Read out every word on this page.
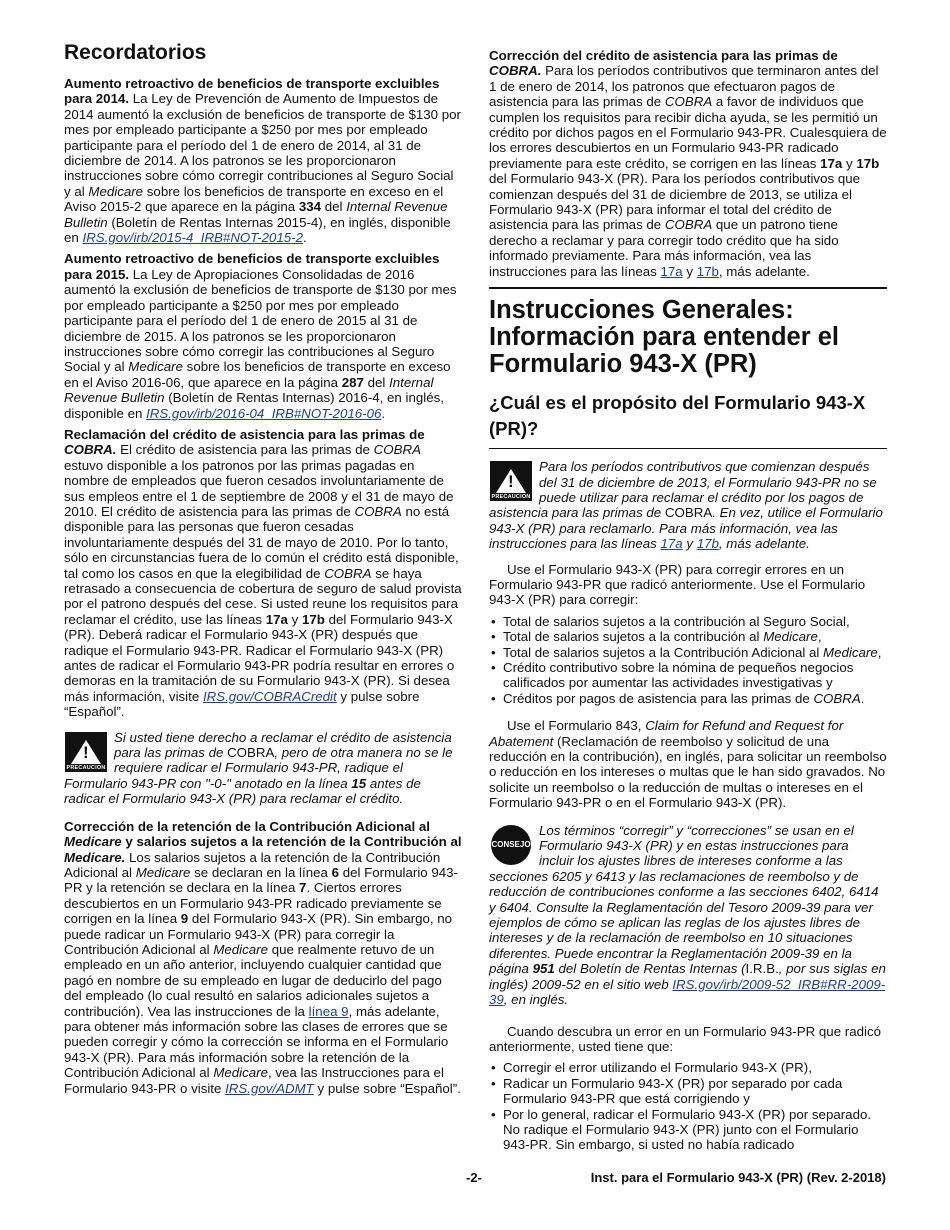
Recordatorios

Aumento retroactivo de beneficios de transporte excluibles para 2014. La Ley de Prevención de Aumento de Impuestos de 2014 aumentó la exclusión de beneficios de transporte de $130 por mes por empleado participante a $250 por mes por empleado participante para el período del 1 de enero de 2014, al 31 de diciembre de 2014. A los patronos se les proporcionaron instrucciones sobre cómo corregir contribuciones al Seguro Social y al Medicare sobre los beneficios de transporte en exceso en el Aviso 2015-2 que aparece en la página 334 del Internal Revenue Bulletin (Boletín de Rentas Internas 2015-4), en inglés, disponible en IRS.gov/irb/2015-4_IRB#NOT-2015-2.

Aumento retroactivo de beneficios de transporte excluibles para 2015. La Ley de Apropiaciones Consolidadas de 2016 aumentó la exclusión de beneficios de transporte de $130 por mes por empleado participante a $250 por mes por empleado participante para el período del 1 de enero de 2015 al 31 de diciembre de 2015. A los patronos se les proporcionaron instrucciones sobre cómo corregir las contribuciones al Seguro Social y al Medicare sobre los beneficios de transporte en exceso en el Aviso 2016-06, que aparece en la página 287 del Internal Revenue Bulletin (Boletín de Rentas Internas) 2016-4, en inglés, disponible en IRS.gov/irb/2016-04_IRB#NOT-2016-06.

Reclamación del crédito de asistencia para las primas de COBRA. El crédito de asistencia para las primas de COBRA estuvo disponible a los patronos por las primas pagadas en nombre de empleados que fueron cesados involuntariamente de sus empleos entre el 1 de septiembre de 2008 y el 31 de mayo de 2010. El crédito de asistencia para las primas de COBRA no está disponible para las personas que fueron cesadas involuntariamente después del 31 de mayo de 2010. Por lo tanto, sólo en circunstancias fuera de lo común el crédito está disponible, tal como los casos en que la elegibilidad de COBRA se haya retrasado a consecuencia de cobertura de seguro de salud provista por el patrono después del cese. Si usted reune los requisitos para reclamar el crédito, use las líneas 17a y 17b del Formulario 943-X (PR). Deberá radicar el Formulario 943-X (PR) después que radique el Formulario 943-PR. Radicar el Formulario 943-X (PR) antes de radicar el Formulario 943-PR podría resultar en errores o demoras en la tramitación de su Formulario 943-X (PR). Si desea más información, visite IRS.gov/COBRACredit y pulse sobre “Español”.

!
PRECAUCION
Si usted tiene derecho a reclamar el crédito de asistencia para las primas de COBRA, pero de otra manera no se le requiere radicar el Formulario 943-PR, radique el Formulario 943-PR con "-0-" anotado en la línea 15 antes de radicar el Formulario 943-X (PR) para reclamar el crédito.

Corrección de la retención de la Contribución Adicional al Medicare y salarios sujetos a la retención de la Contribución al Medicare. Los salarios sujetos a la retención de la Contribución Adicional al Medicare se declaran en la línea 6 del Formulario 943-PR y la retención se declara en la línea 7. Ciertos errores descubiertos en un Formulario 943-PR radicado previamente se corrigen en la línea 9 del Formulario 943-X (PR). Sin embargo, no puede radicar un Formulario 943-X (PR) para corregir la Contribución Adicional al Medicare que realmente retuvo de un empleado en un año anterior, incluyendo cualquier cantidad que pagó en nombre de su empleado en lugar de deducirlo del pago del empleado (lo cual resultó en salarios adicionales sujetos a contribución). Vea las instrucciones de la línea 9, más adelante, para obtener más información sobre las clases de errores que se pueden corregir y cómo la corrección se informa en el Formulario 943-X (PR). Para más información sobre la retención de la Contribución Adicional al Medicare, vea las Instrucciones para el Formulario 943-PR o visite IRS.gov/ADMT y pulse sobre “Español”.

Corrección del crédito de asistencia para las primas de COBRA. Para los períodos contributivos que terminaron antes del 1 de enero de 2014, los patronos que efectuaron pagos de asistencia para las primas de COBRA a favor de individuos que cumplen los requisitos para recibir dicha ayuda, se les permitió un crédito por dichos pagos en el Formulario 943-PR. Cualesquiera de los errores descubiertos en un Formulario 943-PR radicado previamente para este crédito, se corrigen en las líneas 17a y 17b del Formulario 943-X (PR). Para los períodos contributivos que comienzan después del 31 de diciembre de 2013, se utiliza el Formulario 943-X (PR) para informar el total del crédito de asistencia para las primas de COBRA que un patrono tiene derecho a reclamar y para corregir todo crédito que ha sido informado previamente. Para más información, vea las instrucciones para las líneas 17a y 17b, más adelante.

Instrucciones Generales: Información para entender el Formulario 943-X (PR)
¿Cuál es el propósito del Formulario 943-X (PR)?
!
PRECAUCION
Para los períodos contributivos que comienzan después del 31 de diciembre de 2013, el Formulario 943-PR no se puede utilizar para reclamar el crédito por los pagos de asistencia para las primas de COBRA. En vez, utilice el Formulario 943-X (PR) para reclamarlo. Para más información, vea las instrucciones para las líneas 17a y 17b, más adelante.

Use el Formulario 943-X (PR) para corregir errores en un Formulario 943-PR que radicó anteriormente. Use el Formulario 943-X (PR) para corregir:

• Total de salarios sujetos a la contribución al Seguro Social,
• Total de salarios sujetos a la contribución al Medicare,
• Total de salarios sujetos a la Contribución Adicional al Medicare,
• Crédito contributivo sobre la nómina de pequeños negocios calificados por aumentar las actividades investigativas y
• Créditos por pagos de asistencia para las primas de COBRA.

Use el Formulario 843, Claim for Refund and Request for Abatement (Reclamación de reembolso y solicitud de una reducción en la contribución), en inglés, para solicitar un reembolso o reducción en los intereses o multas que le han sido gravados. No solicite un reembolso o la reducción de multas o intereses en el Formulario 943-PR o en el Formulario 943-X (PR).

CONSEJO
Los términos “corregir” y “correcciones” se usan en el Formulario 943-X (PR) y en estas instrucciones para incluir los ajustes libres de intereses conforme a las secciones 6205 y 6413 y las reclamaciones de reembolso y de reducción de contribuciones conforme a las secciones 6402, 6414 y 6404. Consulte la Reglamentación del Tesoro 2009-39 para ver ejemplos de cómo se aplican las reglas de los ajustes libres de intereses y de la reclamación de reembolso en 10 situaciones diferentes. Puede encontrar la Reglamentación 2009-39 en la página 951 del Boletín de Rentas Internas (I.R.B., por sus siglas en inglés) 2009-52 en el sitio web IRS.gov/irb/2009-52_IRB#RR-2009-39, en inglés.

Cuando descubra un error en un Formulario 943-PR que radicó anteriormente, usted tiene que:

• Corregir el error utilizando el Formulario 943-X (PR),
• Radicar un Formulario 943-X (PR) por separado por cada Formulario 943-PR que está corrigiendo y
• Por lo general, radicar el Formulario 943-X (PR) por separado. No radique el Formulario 943-X (PR) junto con el Formulario 943-PR. Sin embargo, si usted no había radicado
-2-	Inst. para el Formulario 943-X (PR) (Rev. 2-2018)
